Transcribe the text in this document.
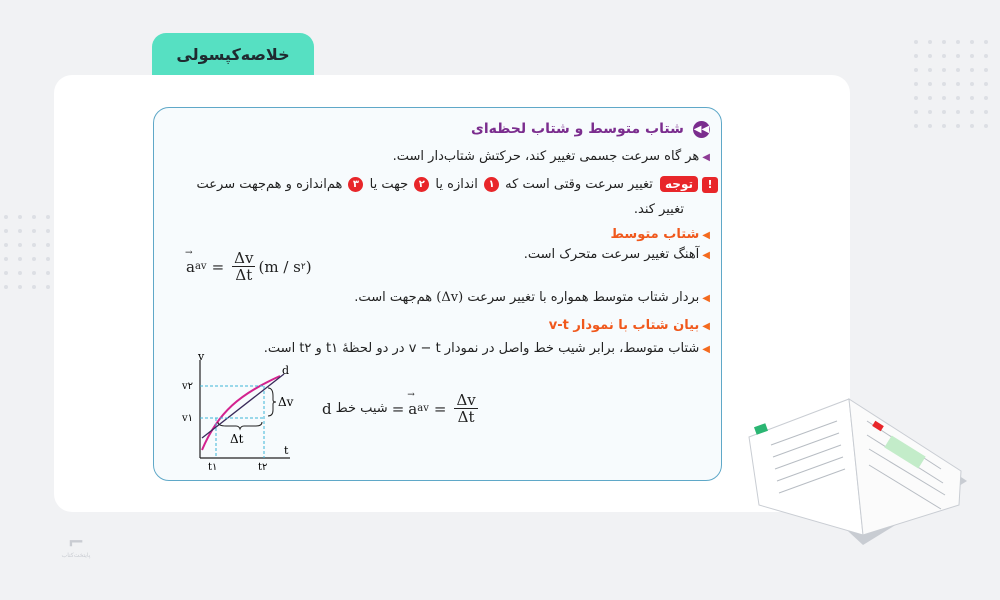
خلاصه‌کپسولی
◀◀ شتاب متوسط و شتاب لحظه‌ای
◀هر گاه سرعت جسمی تغییر کند، حرکتش شتاب‌دار است.
!توجه تغییر سرعت وقتی است که ۱ اندازه یا ۲ جهت یا ۳ هم‌اندازه و هم‌جهت سرعت
تغییر کند.
◀شتاب متوسط
◀آهنگ تغییر سرعت متحرک است.
→ a av = $\frac{\Delta v}{\Delta t} (m$ / s ۲ )
◀بردار شتاب متوسط همواره با تغییر سرعت (Δv) هم‌جهت است.
◀بیان شتاب با نمودار v-t
◀شتاب متوسط، برابر شیب خط واصل در نمودار v − t در دو لحظهٔ t۱ و t۲ است.
v
t
v۲
v۱
t۱	t۲
Δv
Δt
d
d شیب خط =
→ a av = $\frac{\Delta v}{\Delta t}$
⌐
پایتخت‌کتاب
